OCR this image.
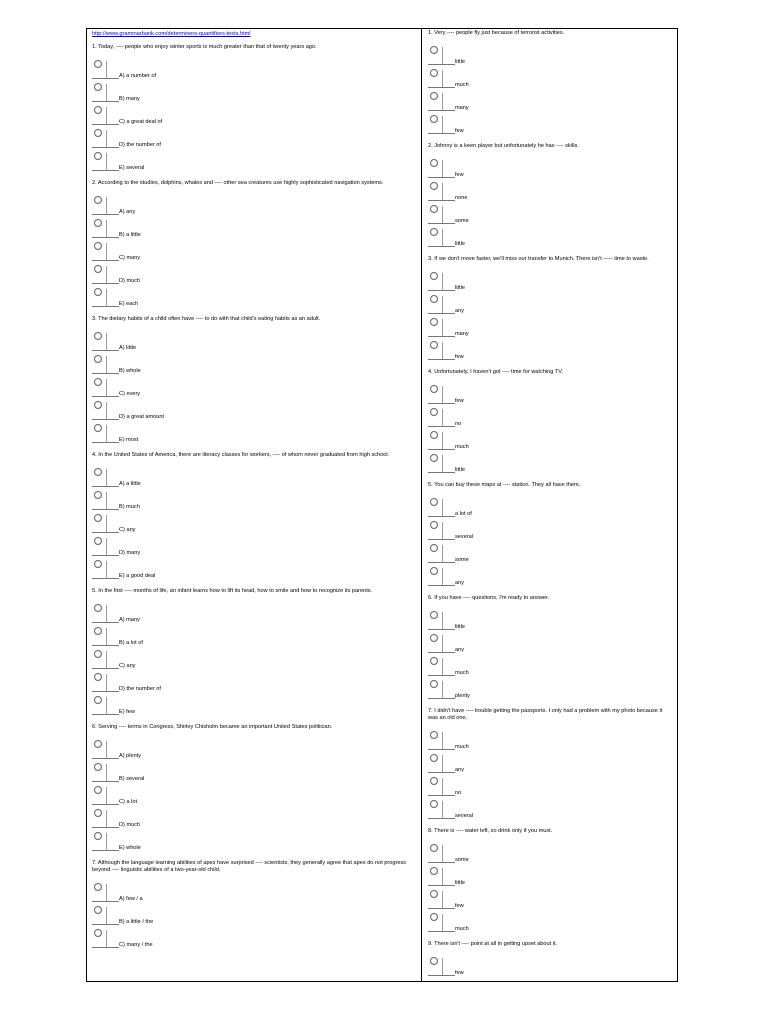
http://www.grammarbank.com/determiners-quantifiers-tests.html
1. Today, ---- people who enjoy winter sports is much greater than that of twenty years ago.
A) a number of
B) many
C) a great deal of
D) the number of
E) several
2. According to the studies, dolphins, whales and ---- other sea creatures use highly sophisticated navigation systems.
A) any
B) a little
C) many
D) much
E) each
3. The dietary habits of a child often have ---- to do with that child's eating habits as an adult.
A) little
B) whole
C) every
D) a great amount
E) most
4. In the United States of America, there are literacy classes for workers, ---- of whom never graduated from high school.
A) a little
B) much
C) any
D) many
E) a good deal
5. In the first ---- months of life, an infant learns how to lift its head, how to smile and how to recognize its parents.
A) many
B) a lot of
C) any
D) the number of
E) few
6. Serving ---- terms in Congress, Shirley Chisholm became an important United States politician.
A) plenty
B) several
C) a lot
D) much
E) whole
7. Although the language learning abilities of apes have surprised ---- scientists, they generally agree that apes do not progress beyond ---- linguistic abilities of a two-year-old child.
A) few / a
B) a little / the
C) many / the
1. Very ---- people fly just because of terrorist activities.
little
much
many
few
2. Johnny is a keen player but unfortunately he has ---- skills.
few
none
some
little
3. If we don't move faster, we'll miss our transfer to Munich. There isn't ----- time to waste.
little
any
many
few
4. Unfortunately, I haven't got ---- time for watching TV.
few
no
much
little
5. You can buy these maps at ---- station. They all have them.
a lot of
several
some
any
6. If you have ---- questions, I'm ready to answer.
little
any
much
plenty
7. I didn't have ---- trouble getting the passports. I only had a problem with my photo because it was an old one.
much
any
no
several
8. There is ---- water left, so drink only if you must.
some
little
few
much
9. There isn't ---- point at all in getting upset about it.
few
